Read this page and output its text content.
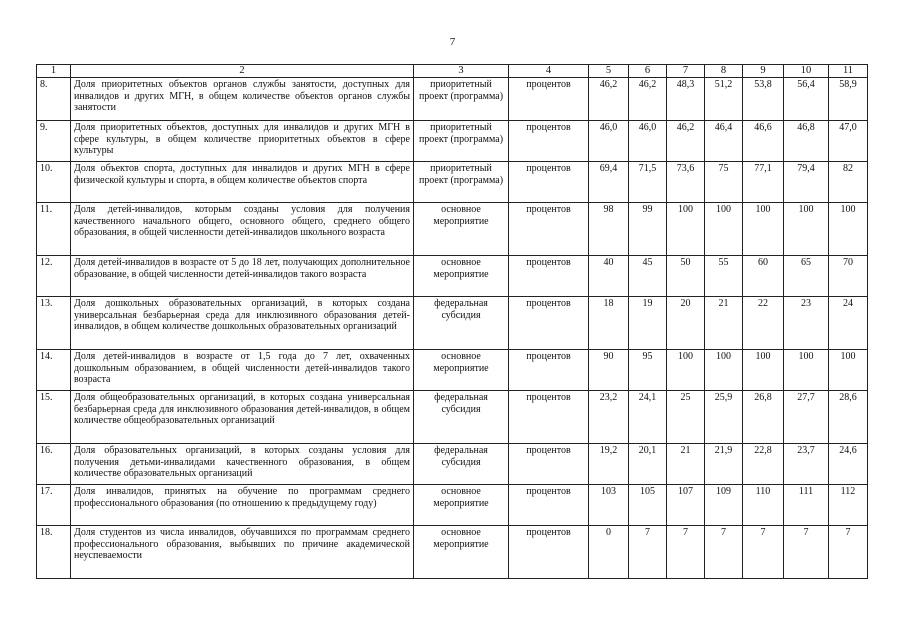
7
1	2	3	4	5	6	7	8	9	10	11
8.	Доля приоритетных объектов органов службы занятости, доступных для инвалидов и других МГН, в общем количестве объектов органов службы занятости	приоритетный проект (программа)	процентов	46,2	46,2	48,3	51,2	53,8	56,4	58,9
9.	Доля приоритетных объектов, доступных для инвалидов и других МГН в сфере культуры, в общем количестве приоритетных объектов в сфере культуры	приоритетный проект (программа)	процентов	46,0	46,0	46,2	46,4	46,6	46,8	47,0
10.	Доля объектов спорта, доступных для инвалидов и других МГН в сфере физической культуры и спорта, в общем количестве объектов спорта	приоритетный проект (программа)	процентов	69,4	71,5	73,6	75	77,1	79,4	82
11.	Доля детей-инвалидов, которым созданы условия для получения качественного начального общего, основного общего, среднего общего образования, в общей численности детей-инвалидов школьного возраста	основное мероприятие	процентов	98	99	100	100	100	100	100
12.	Доля детей-инвалидов в возрасте от 5 до 18 лет, получающих дополнительное образование, в общей численности детей-инвалидов такого возраста	основное мероприятие	процентов	40	45	50	55	60	65	70
13.	Доля дошкольных образовательных организаций, в которых создана универсальная безбарьерная среда для инклюзивного образования детей-инвалидов, в общем количестве дошкольных образовательных организаций	федеральная субсидия	процентов	18	19	20	21	22	23	24
14.	Доля детей-инвалидов в возрасте от 1,5 года до 7 лет, охваченных дошкольным образованием, в общей численности детей-инвалидов такого возраста	основное мероприятие	процентов	90	95	100	100	100	100	100
15.	Доля общеобразовательных организаций, в которых создана универсальная безбарьерная среда для инклюзивного образования детей-инвалидов, в общем количестве общеобразовательных организаций	федеральная субсидия	процентов	23,2	24,1	25	25,9	26,8	27,7	28,6
16.	Доля образовательных организаций, в которых созданы условия для получения детьми-инвалидами качественного образования, в общем количестве образовательных организаций	федеральная субсидия	процентов	19,2	20,1	21	21,9	22,8	23,7	24,6
17.	Доля инвалидов, принятых на обучение по программам среднего профессионального образования (по отношению к предыдущему году)	основное мероприятие	процентов	103	105	107	109	110	111	112
18.	Доля студентов из числа инвалидов, обучавшихся по программам среднего профессионального образования, выбывших по причине академической неуспеваемости	основное мероприятие	процентов	0	7	7	7	7	7	7
